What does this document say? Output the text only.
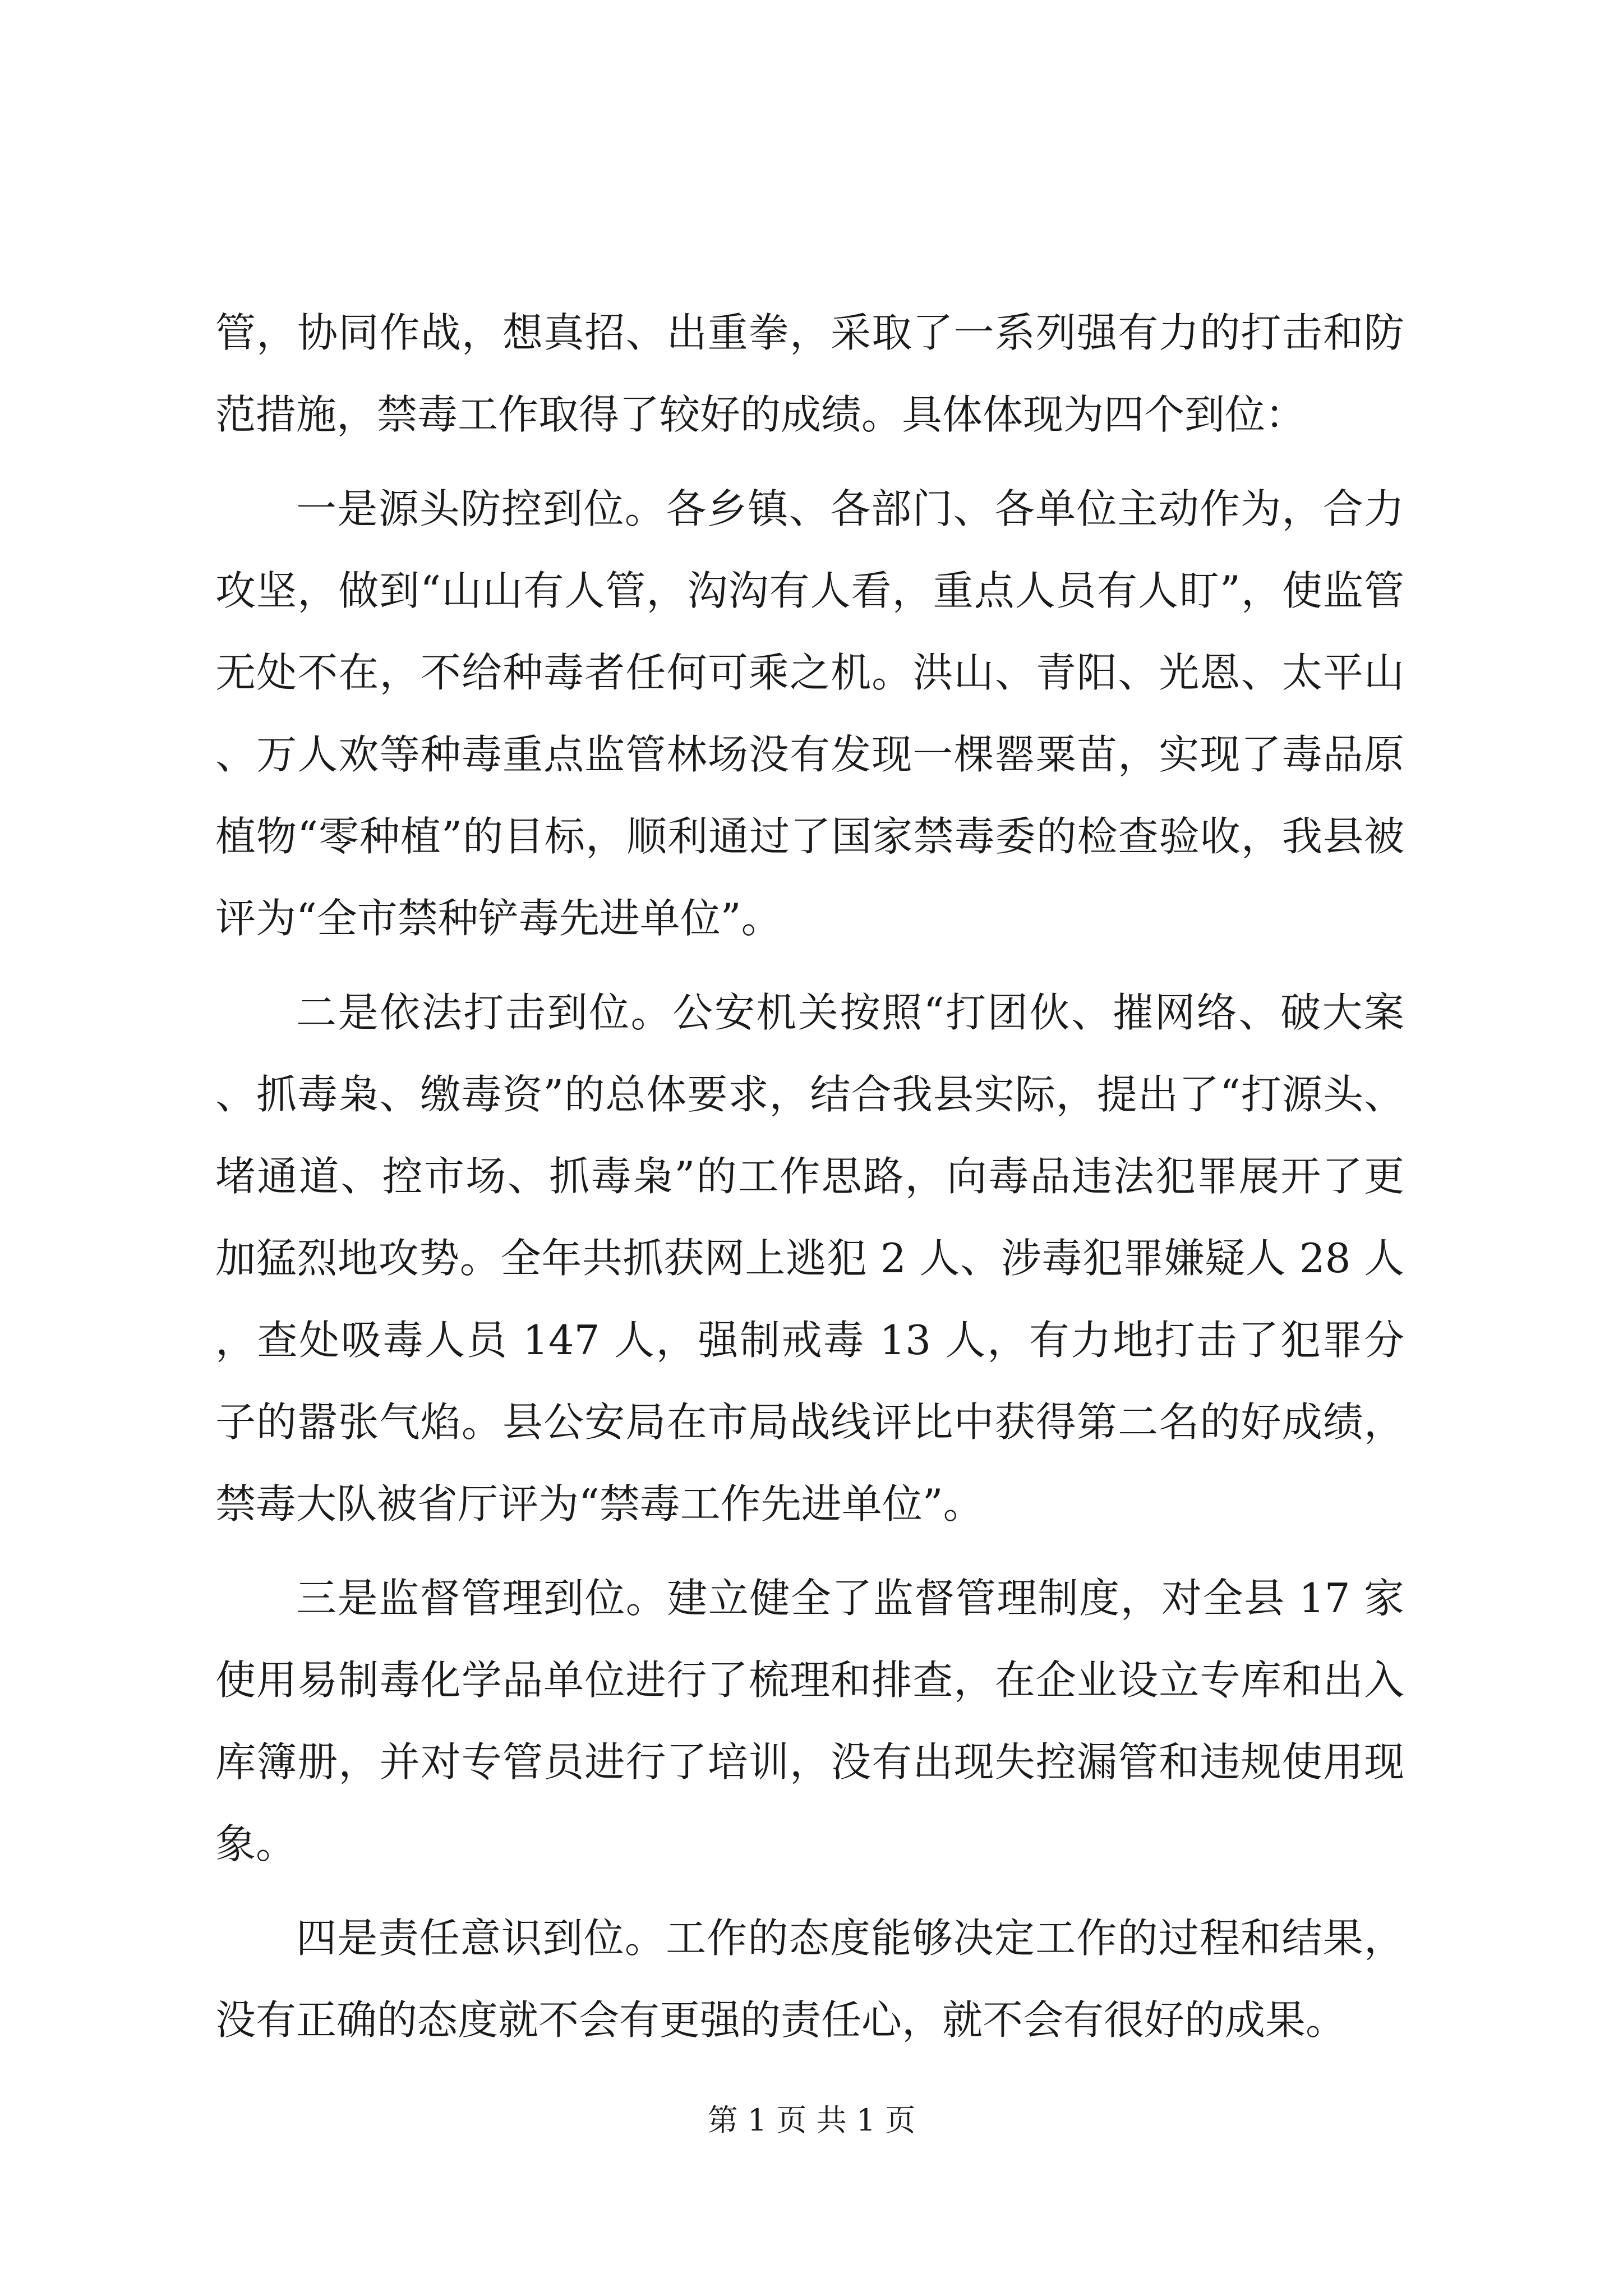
管，协同作战，想真招、出重拳，采取了一系列强有力的打击和防范措施，禁毒工作取得了较好的成绩。具体体现为四个到位：

一是源头防控到位。各乡镇、各部门、各单位主动作为，合力攻坚，做到“山山有人管，沟沟有人看，重点人员有人盯”，使监管无处不在，不给种毒者任何可乘之机。洪山、青阳、光恩、太平山、万人欢等种毒重点监管林场没有发现一棵罂粟苗，实现了毒品原植物“零种植”的目标，顺利通过了国家禁毒委的检查验收，我县被评为“全市禁种铲毒先进单位”。

二是依法打击到位。公安机关按照“打团伙、摧网络、破大案、抓毒枭、缴毒资”的总体要求，结合我县实际，提出了“打源头、堵通道、控市场、抓毒枭”的工作思路，向毒品违法犯罪展开了更加猛烈地攻势。全年共抓获网上逃犯 2 人、涉毒犯罪嫌疑人 28 人，查处吸毒人员 147 人，强制戒毒 13 人，有力地打击了犯罪分子的嚣张气焰。县公安局在市局战线评比中获得第二名的好成绩，禁毒大队被省厅评为“禁毒工作先进单位”。

三是监督管理到位。建立健全了监督管理制度，对全县 17 家使用易制毒化学品单位进行了梳理和排查，在企业设立专库和出入库簿册，并对专管员进行了培训，没有出现失控漏管和违规使用现象。

四是责任意识到位。工作的态度能够决定工作的过程和结果，没有正确的态度就不会有更强的责任心，就不会有很好的成果。

第 1 页 共 1 页
